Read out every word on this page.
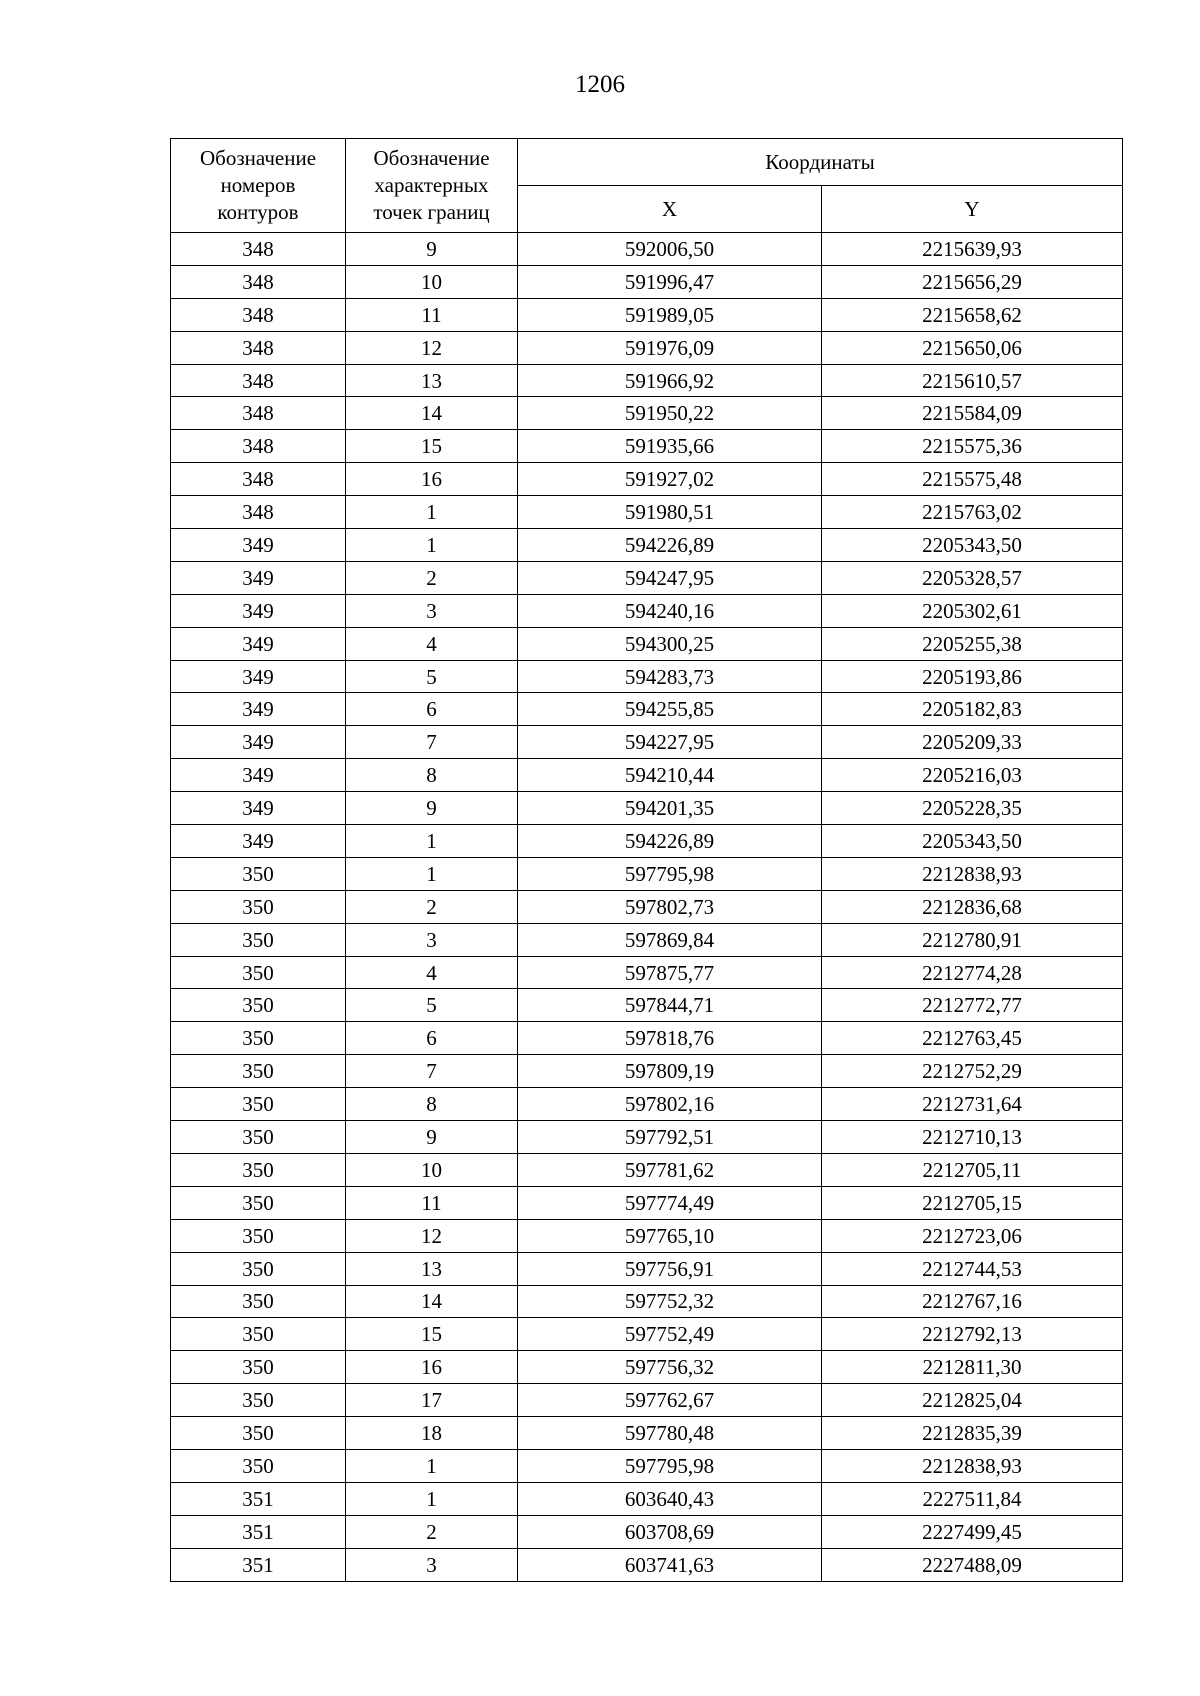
1206
Обозначение
номеров
контуров	Обозначение
характерных
точек границ	Координаты	
		X	Y
348	9	592006,50	2215639,93
348	10	591996,47	2215656,29
348	11	591989,05	2215658,62
348	12	591976,09	2215650,06
348	13	591966,92	2215610,57
348	14	591950,22	2215584,09
348	15	591935,66	2215575,36
348	16	591927,02	2215575,48
348	1	591980,51	2215763,02
349	1	594226,89	2205343,50
349	2	594247,95	2205328,57
349	3	594240,16	2205302,61
349	4	594300,25	2205255,38
349	5	594283,73	2205193,86
349	6	594255,85	2205182,83
349	7	594227,95	2205209,33
349	8	594210,44	2205216,03
349	9	594201,35	2205228,35
349	1	594226,89	2205343,50
350	1	597795,98	2212838,93
350	2	597802,73	2212836,68
350	3	597869,84	2212780,91
350	4	597875,77	2212774,28
350	5	597844,71	2212772,77
350	6	597818,76	2212763,45
350	7	597809,19	2212752,29
350	8	597802,16	2212731,64
350	9	597792,51	2212710,13
350	10	597781,62	2212705,11
350	11	597774,49	2212705,15
350	12	597765,10	2212723,06
350	13	597756,91	2212744,53
350	14	597752,32	2212767,16
350	15	597752,49	2212792,13
350	16	597756,32	2212811,30
350	17	597762,67	2212825,04
350	18	597780,48	2212835,39
350	1	597795,98	2212838,93
351	1	603640,43	2227511,84
351	2	603708,69	2227499,45
351	3	603741,63	2227488,09
